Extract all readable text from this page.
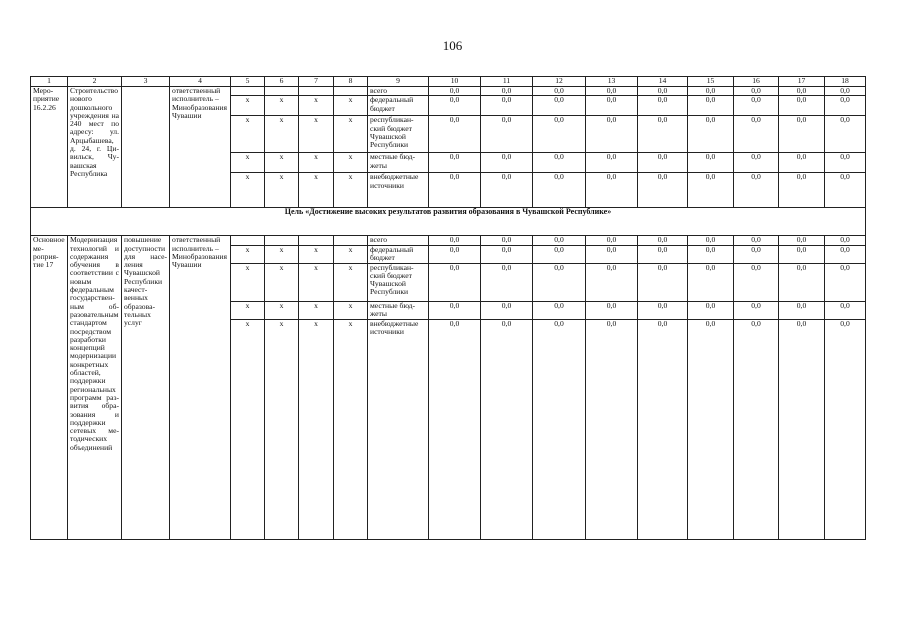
106
1	2	3	4	5	6	7	8	9	10	11	12	13	14	15	16	17	18
Мероприятие 16.2.26	Строительство нового дошкольного учреждения на 240 мест по адресу: ул. Арцыбашева, д. 24, г. Цивильск, Чувашская Республика		ответственный исполнитель – Минобразования Чувашии					всего	0,0	0,0	0,0	0,0	0,0	0,0	0,0	0,0	0,0
				x	x	x	x	федеральный бюджет	0,0	0,0	0,0	0,0	0,0	0,0	0,0	0,0	0,0
				x	x	x	x	республиканский бюджет Чувашской Республики	0,0	0,0	0,0	0,0	0,0	0,0	0,0	0,0	0,0
				x	x	x	x	местные бюджеты	0,0	0,0	0,0	0,0	0,0	0,0	0,0	0,0	0,0
				x	x	x	x	внебюджетные источники	0,0	0,0	0,0	0,0	0,0	0,0	0,0	0,0	0,0
Цель «Достижение высоких результатов развития образования в Чувашской Республике»																	
Основное мероприятие 17	Модернизация технологий и содержания обучения в соответствии с новым федеральным государственным образовательным стандартом посредством разработки концепций модернизации конкретных областей, поддержки региональных программ развития образования и поддержки сетевых методических объединений	повышение доступности для населения Чувашской Республики качественных образовательных услуг	ответственный исполнитель – Минобразования Чувашии					всего	0,0	0,0	0,0	0,0	0,0	0,0	0,0	0,0	0,0
				x	x	x	x	федеральный бюджет	0,0	0,0	0,0	0,0	0,0	0,0	0,0	0,0	0,0
				x	x	x	x	республиканский бюджет Чувашской Республики	0,0	0,0	0,0	0,0	0,0	0,0	0,0	0,0	0,0
				x	x	x	x	местные бюджеты	0,0	0,0	0,0	0,0	0,0	0,0	0,0	0,0	0,0
				x	x	x	x	внебюджетные источники	0,0	0,0	0,0	0,0	0,0	0,0	0,0	0,0	0,0
